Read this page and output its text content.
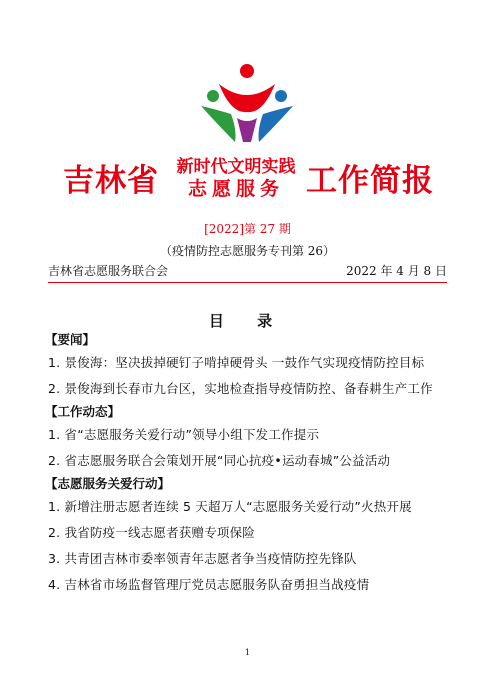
吉林省 新时代文明实践
志愿服务 工作简报
[2022]第 27 期
（疫情防控志愿服务专刊第 26）
吉林省志愿服务联合会	2022 年 4 月 8 日
目 录
【要闻】
1. 景俊海：坚决拔掉硬钉子啃掉硬骨头 一鼓作气实现疫情防控目标
2. 景俊海到长春市九台区，实地检查指导疫情防控、备春耕生产工作
【工作动态】
1. 省“志愿服务关爱行动”领导小组下发工作提示
2. 省志愿服务联合会策划开展“同心抗疫•运动春城”公益活动
【志愿服务关爱行动】
1. 新增注册志愿者连续 5 天超万人“志愿服务关爱行动”火热开展
2. 我省防疫一线志愿者获赠专项保险
3. 共青团吉林市委率领青年志愿者争当疫情防控先锋队
4. 吉林省市场监督管理厅党员志愿服务队奋勇担当战疫情
1
